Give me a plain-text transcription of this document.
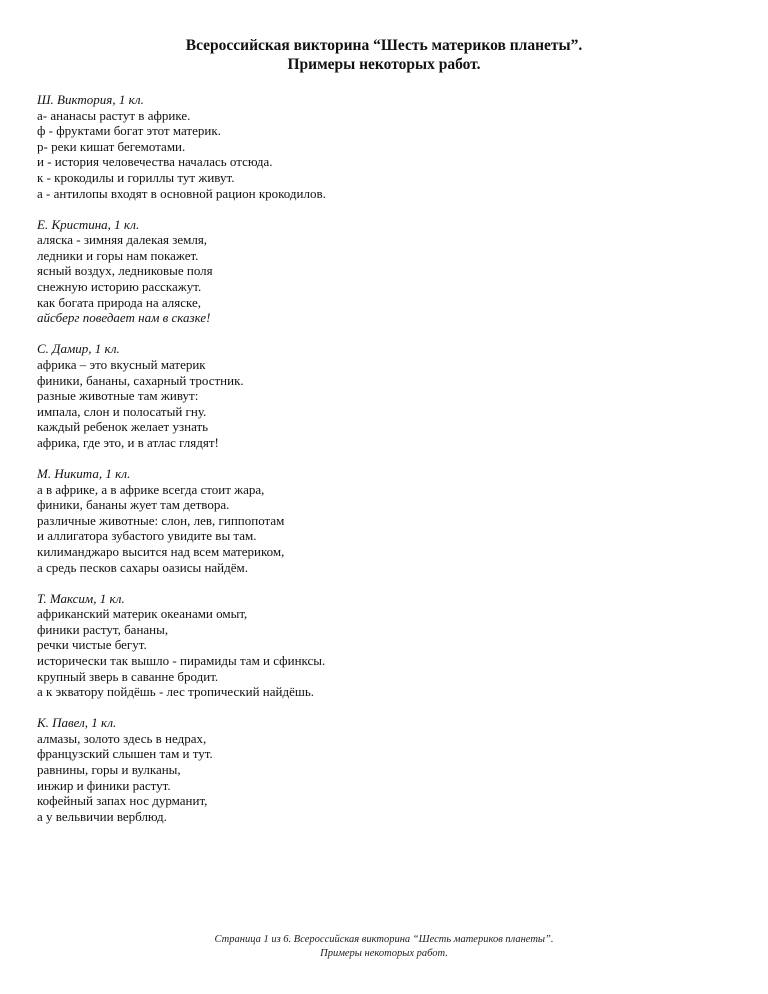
Всероссийская викторина “Шесть материков планеты”.
Примеры некоторых работ.
Ш. Виктория, 1 кл.
а- ананасы растут в африке.
ф - фруктами богат этот материк.
р- реки кишат бегемотами.
и - история человечества началась отсюда.
к - крокодилы и гориллы тут живут.
а - антилопы входят в основной рацион крокодилов.
Е. Кристина, 1 кл.
аляска - зимняя далекая земля,
ледники и горы нам покажет.
ясный воздух, ледниковые поля
снежную историю расскажут.
как богата природа на аляске,
айсберг поведает нам в сказке!
С. Дамир, 1 кл.
африка – это вкусный материк
финики, бананы, сахарный тростник.
разные животные там живут:
импала, слон и полосатый гну.
каждый ребенок желает узнать
африка, где это, и в атлас глядят!
М. Никита, 1 кл.
а в африке, а в африке всегда стоит жара,
финики, бананы жует там детвора.
различные животные: слон, лев, гиппопотам
и аллигатора зубастого увидите вы там.
килиманджаро высится над всем материком,
а средь песков сахары оазисы найдём.
Т. Максим, 1 кл.
африканский материк океанами омыт,
финики растут, бананы,
речки чистые бегут.
исторически так вышло - пирамиды там и сфинксы.
крупный зверь в саванне бродит.
а к экватору пойдёшь - лес тропический найдёшь.
К. Павел, 1 кл.
алмазы, золото здесь в недрах,
французский слышен там и тут.
равнины, горы и вулканы,
инжир и финики растут.
кофейный запах нос дурманит,
а у вельвичии верблюд.
Страница 1 из 6. Всероссийская викторина “Шесть материков планеты”.
Примеры некоторых работ.
